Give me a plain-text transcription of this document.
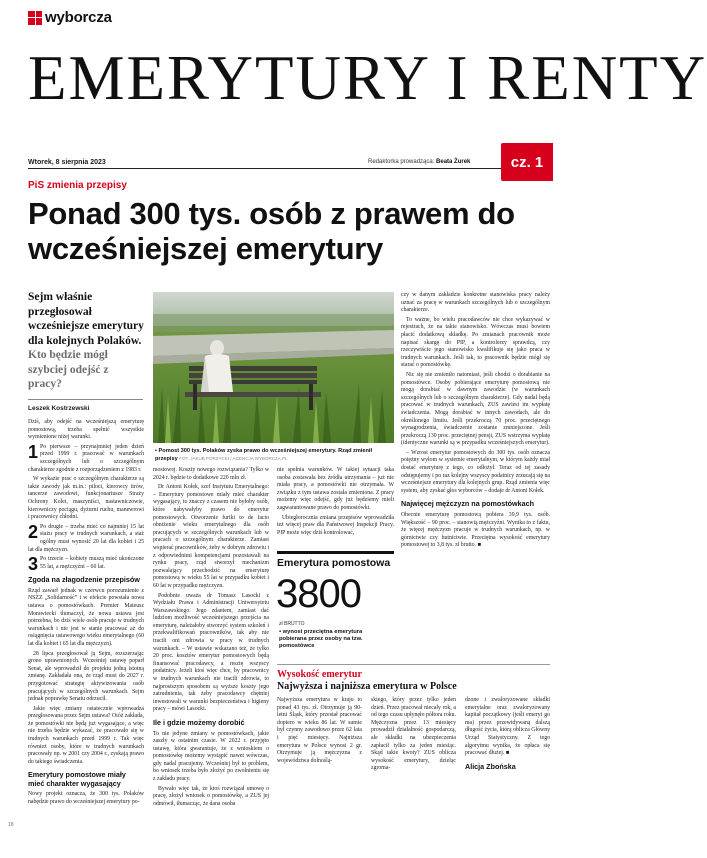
wyborcza
EMERYTURY I RENTY
Wtorek, 8 sierpnia 2023	Redaktorka prowadząca: Beata Żurek	cz. 1
PiS zmienia przepisy
Ponad 300 tys. osób z prawem do wcześniejszej emerytury
Sejm właśnie przegłosował wcześniejsze emerytury dla kolejnych Polaków. Kto będzie mógł szybciej odejść z pracy?
Leszek Kostrzewski

Dziś, aby odejść na wcześniejszą emeryturę pomostową, trzeba spełnić wszystkie wymienione niżej warunki.

1 Po pierwsze – przynajmniej jeden dzień przed 1999 r. pracować w warunkach szczególnych lub o szczególnym charakterze zgodnie z rozporządzeniem z 1983 r.

W wykazie prac o szczególnym charakterze są takie zawody jak m.in.: piloci, kierowcy tirów, tancerze zawodowi, funkcjonariusze Straży Ochrony Kolei, maszyniści, nastawniczowie, kierowniczy pociągu, dyżurni ruchu, manewrowi i pracownicy chłodni.

2 Po drugie – trzeba mieć co najmniej 15 lat stażu pracy w trudnych warunkach, a staż ogólny musi wynosić 20 lat dla kobiet i 25 lat dla mężczyzn.

3 Po trzecie – kobiety muszą mieć ukończone 55 lat, a mężczyźni – 60 lat.

Zgoda na złagodzenie przepisów

Rząd zawarł jednak w czerwcu porozumienie z NSZZ „Solidarność” i w efekcie powstała nowa ustawa o pomostówkach. Premier Mateusz Morawiecki tłumaczył, że nowa ustawa jest potrzebna, bo dziś wiele osób pracuje w trudnych warunkach i nie jest w stanie pracować aż do osiągnięcia ustawowego wieku emerytalnego (60 lat dla kobiet i 65 lat dla mężczyzn).

28 lipca przegłosował ją Sejm, rozszerzając grono uprawnionych. Wcześniej ustawę poparł Senat, ale wprowadził do projektu jedną istotną zmianę. Zakładała ona, że rząd musi do 2027 r. przygotować strategię aktywizowania osób pracujących w szczególnych warunkach. Sejm jednak poprawkę Senatu odrzucił.

Jakie więc zmiany ostatecznie wprowadza przegłosowana przez Sejm ustawa? Otóż zakłada, że pomostówki nie będą już wygasające, a więc nie trzeba będzie wykazać, że pracowało się w trudnych warunkach przed 1999 r. Tak więc również osoby, które w trudnych warunkach pracowały np. w 2001 czy 2004 r., zyskają prawo do takiego świadczenia.

Emerytury pomostowe miały mieć charakter wygasający

Nowy projekt oznacza, że 300 tys. Polaków nabędzie prawo do wcześniejszej emerytury po-

▪ Pomost 300 tys. Polaków zyska prawo do wcześniejszej emerytury. Rząd zmienił przepisy FOT. JAKUB PORZYCKI / AGENCJA WYBORCZA.PL

mostowej. Koszty nowego rozwiązania? Tylko w 2024 r. będzie to dodatkowe 220 mln zł.

Dr Antoni Kołek, szef Instytutu Emerytalnego: – Emerytury pomostowe miały mieć charakter wygasający, to znaczy z czasem nie byłoby osób, które nabywałyby prawo do emerytur pomostowych. Otworzenie furtki to de facto obniżenie wieku emerytalnego dla osób pracujących w szczególnych warunkach lub w pracach o szczególnym charakterze. Zamiast wspierać pracowników, żeby w dobrym zdrowiu i z odpowiednimi kompetencjami pozostawali na rynku pracy, rząd stworzył mechanizm pozwalający przechodzić na emeryturę pomostową w wieku 55 lat w przypadku kobiet i 60 lat w przypadku mężczyzn.

Podobnie uważa dr Tomasz Lasocki z Wydziału Prawa i Administracji Uniwersytetu Warszawskiego. Jego zdaniem, zamiast dać ludziom możliwość wcześniejszego przejścia na emeryturę, należałoby stworzyć system szkoleń i przekwalifikowań pracowników, tak aby nie tracili oni zdrowia w pracy w trudnych warunkach. – W ustawie wskazano też, że tylko 20 proc. kosztów emerytur pomostowych będą finansować pracodawcy, a resztę wszyscy podatnicy. Jeżeli ktoś więc chce, by pracownicy w trudnych warunkach nie tracili zdrowia, to najprostszym sposobem są wyższe koszty jego zatrudnienia, tak żeby pracodawcy chętniej inwestowali w warunki bezpieczeństwa i higieny pracy – mówi Lasocki.

Ile i gdzie możemy dorobić

To nie jedyne zmiany w pomostówkach, jakie zaszły w ostatnim czasie. W 2022 r. przyjęto ustawę, która gwarantuje, że z wnioskiem o pomostówkę możemy wystąpić nawet wówczas, gdy nadal pracujemy. Wcześniej był to problem, bo wniosek trzeba było złożyć po zwolnieniu się z zakładu pracy.

Bywało więc tak, że ktoś rozwiązał umowę o pracę, złożył wniosek o pomostówkę, a ZUS jej odmówił, tłumacząc, że dana osoba

nie spełnia warunków. W takiej sytuacji taka osoba zostawała bez źródła utrzymania – już nie miała pracy, a pomostówki nie otrzymała. W związku z tym ustawa została zmieniona. Z pracy możemy więc odejść, gdy już będziemy mieli zagwarantowane prawo do pomostówki.

Ubiegłorocznia zmiana przepisów wprowadziła też więcej praw dla Państwowej Inspekcji Pracy. PIP może więc dziś kontrolować,

Emerytura pomostowa
3800
zł BRUTTO
▪ wynosi przeciętna emerytura pobierana przez osoby na tzw. pomostówce

czy w danym zakładzie konkretne stanowiska pracy należy uznać za pracę w warunkach szczególnych lub o szczególnym charakterze.

To ważne, bo wielu pracodawców nie chce wykazywać w rejestrach, że na takie stanowisko. Wówczas musi bowiem płacić dodatkową składkę. Po zmianach pracownik może napisać skargę do PIP, a kontrolerzy sprawdzą, czy rzeczywiście jego stanowisko kwalifikuje się jako praca w trudnych warunkach. Jeśli tak, to pracownik będzie mógł się starać o pomostówkę.

Nic się nie zmieniło natomiast, jeśli chodzi o dorabianie na pomostówce. Osoby pobierające emeryturę pomostową nie mogą dorabiać w dawnym zawodzie (w warunkach szczególnych lub o szczególnym charakterze). Gdy nadal będą pracować w trudnych warunkach, ZUS zawiesi im wypłatę świadczenia. Mogą dorabiać w innych zawodach, ale do określonego limitu. Jeśli przekroczą 70 proc. przeciętnego wynagrodzenia, świadczenie zostanie zmniejszone. Jeśli przekroczą 130 proc. przeciętnej pensji, ZUS wstrzyma wypłatę (identyczne warunki są w przypadku wcześniejszych emerytur).

– Wzrost emerytur pomostowych do 300 tys. osób oznacza potężny wyłom w systemie emerytalnym, w którym każdy miał dostać emeryturę z tego, co odłożył. Teraz od tej zasady odstępujemy i po raz kolejny wszyscy podatnicy zrzucają się na wcześniejsze emerytury dla kolejnych grup. Rząd zmienia więc system, aby zyskać głos wyborców – dodaje dr Antoni Kołek.

Najwięcej mężczyzn na pomostówkach

Obecnie emeryturę pomostową pobiera 39,9 tys. osób. Większość – 90 proc. – stanowią mężczyźni. Wynika to z faktu, że więcej mężczyzn pracuje w trudnych warunkach, np. w górnictwie czy hutnictwie. Przeciętna wysokość emerytury pomostowej to 3,8 tys. zł brutto. ■

Wysokość emerytur
Najwyższa i najniższa emerytura w Polsce

Najwyższa emerytura w kraju to ponad 43 tys. zł. Otrzymuje ją 90-letni Śląsk, który przestał pracować dopiero w wieku 86 lat. W sumie był czynny zawodowo przez 62 lata i pięć miesięcy. Najniższa emerytura w Polsce wynosi 2 gr. Otrzymuje ją mężczyzna z województwa dolnoślą-

skiego, który przez tylko jeden dzień. Przez pracował niecały rok, a od tego czasu upłynęło półtora roku. Mężczyzna przez 13 miesięcy prowadził działalność gospodarczą, ale składki na ubezpieczenia zapłacił tylko za jeden miesiąc. Skąd takie kwoty? ZUS oblicza wysokość emerytury, dzieląc zgroma-

dzone i zwaloryzowane składki emerytalne oraz zwaloryzowany kapitał początkowy (jeśli emeryt go ma) przez przewidywaną dalszą długość życia, którą oblicza Główny Urząd Statystyczny. Z tego algorytmu wynika, że opłaca się pracować dłużej. ■

Alicja Zbońska
18
